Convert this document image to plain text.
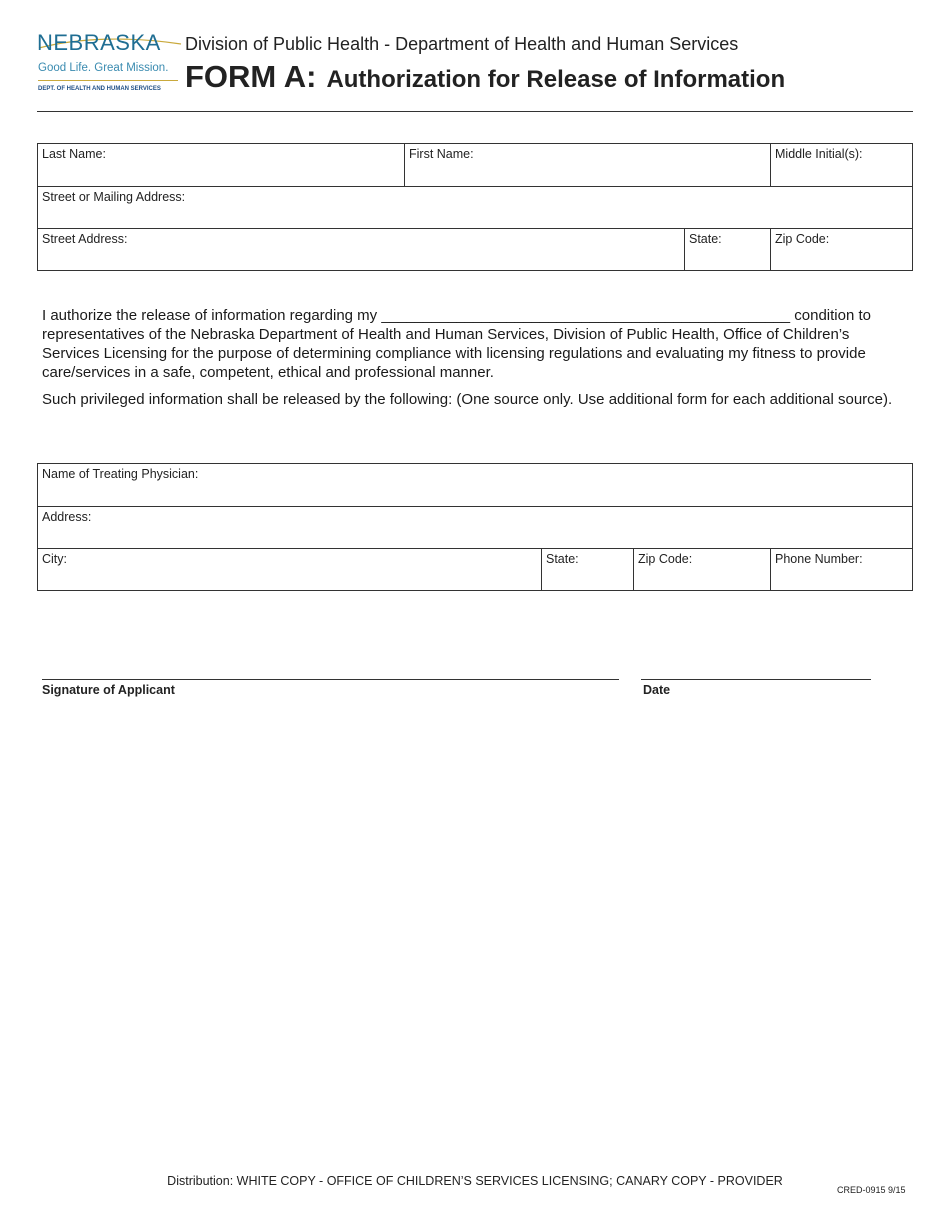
NEBRASKA
Good Life. Great Mission.
DEPT. OF HEALTH AND HUMAN SERVICES
Division of Public Health - Department of Health and Human Services
FORM A: Authorization for Release of Information
Last Name:	First Name:	Middle Initial(s):
Street or Mailing Address:
Street Address:	State:	Zip Code:

I authorize the release of information regarding my _________________________________________________ condition to representatives of the Nebraska Department of Health and Human Services, Division of Public Health, Office of Children’s Services Licensing for the purpose of determining compliance with licensing regulations and evaluating my fitness to provide care/services in a safe, competent, ethical and professional manner.

Such privileged information shall be released by the following: (One source only. Use additional form for each additional source).

Name of Treating Physician:
Address:
City:	State:	Zip Code:	Phone Number:
Signature of Applicant	Date
Distribution: WHITE COPY - OFFICE OF CHILDREN’S SERVICES LICENSING; CANARY COPY - PROVIDER
CRED-0915 9/15
